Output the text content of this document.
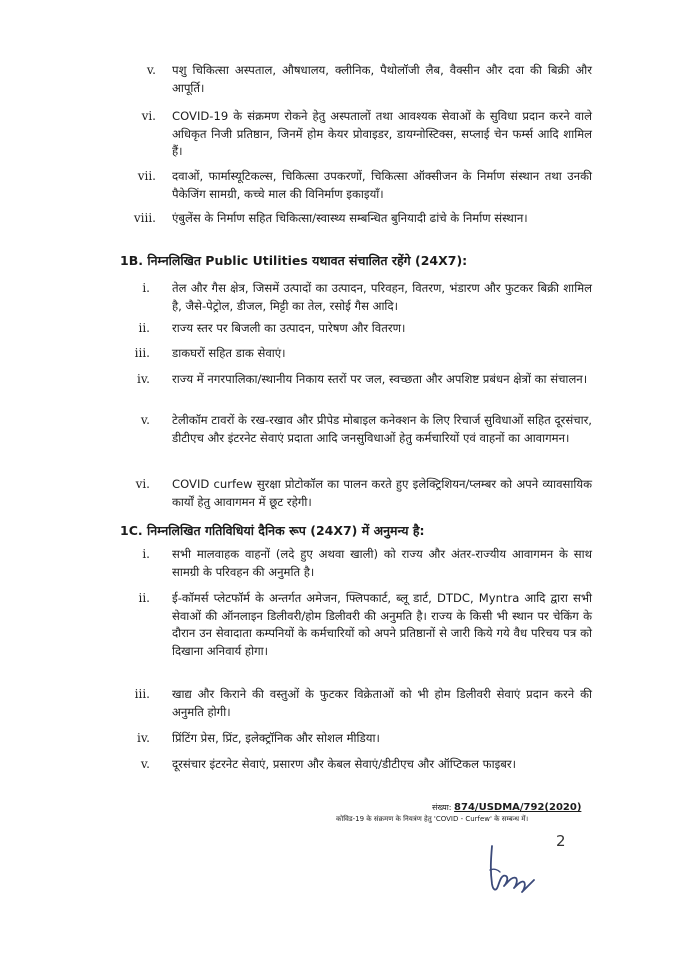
v. पशु चिकित्सा अस्पताल, औषधालय, क्लीनिक, पैथोलॉजी लैब, वैक्सीन और दवा की बिक्री और आपूर्ति।
vi. COVID-19 के संक्रमण रोकने हेतु अस्पतालों तथा आवश्यक सेवाओं के सुविधा प्रदान करने वाले अधिकृत निजी प्रतिष्ठान, जिनमें होम केयर प्रोवाइडर, डायग्नोस्टिक्स, सप्लाई चेन फर्म्स आदि शामिल हैं।
vii. दवाओं, फार्मास्यूटिकल्स, चिकित्सा उपकरणों, चिकित्सा ऑक्सीजन के निर्माण संस्थान तथा उनकी पैकेजिंग सामग्री, कच्चे माल की विनिर्माण इकाइयाँ।
viii. एंबुलेंस के निर्माण सहित चिकित्सा/स्वास्थ्य सम्बन्धित बुनियादी ढांचे के निर्माण संस्थान।
1B. निम्नलिखित Public Utilities यथावत संचालित रहेंगे (24X7):
i. तेल और गैस क्षेत्र, जिसमें उत्पादों का उत्पादन, परिवहन, वितरण, भंडारण और फुटकर बिक्री शामिल है, जैसे-पेट्रोल, डीजल, मिट्टी का तेल, रसोई गैस आदि।
ii. राज्य स्तर पर बिजली का उत्पादन, पारेषण और वितरण।
iii. डाकघरों सहित डाक सेवाएं।
iv. राज्य में नगरपालिका/स्थानीय निकाय स्तरों पर जल, स्वच्छता और अपशिष्ट प्रबंधन क्षेत्रों का संचालन।
v. टेलीकॉम टावरों के रख-रखाव और प्रीपेड मोबाइल कनेक्शन के लिए रिचार्ज सुविधाओं सहित दूरसंचार, डीटीएच और इंटरनेट सेवाएं प्रदाता आदि जनसुविधाओं हेतु कर्मचारियों एवं वाहनों का आवागमन।
vi. COVID curfew सुरक्षा प्रोटोकॉल का पालन करते हुए इलेक्ट्रिशियन/प्लम्बर को अपने व्यावसायिक कार्यों हेतु आवागमन में छूट रहेगी।
1C. निम्नलिखित गतिविधियां दैनिक रूप (24X7) में अनुमन्य है:
i. सभी मालवाहक वाहनों (लदे हुए अथवा खाली) को राज्य और अंतर-राज्यीय आवागमन के साथ सामग्री के परिवहन की अनुमति है।
ii. ई-कॉमर्स प्लेटफॉर्म के अन्तर्गत अमेजन, फ्लिपकार्ट, ब्लू डार्ट, DTDC, Myntra आदि द्वारा सभी सेवाओं की ऑनलाइन डिलीवरी/होम डिलीवरी की अनुमति है। राज्य के किसी भी स्थान पर चेकिंग के दौरान उन सेवादाता कम्पनियों के कर्मचारियों को अपने प्रतिष्ठानों से जारी किये गये वैध परिचय पत्र को दिखाना अनिवार्य होगा।
iii. खाद्य और किराने की वस्तुओं के फुटकर विक्रेताओं को भी होम डिलीवरी सेवाएं प्रदान करने की अनुमति होगी।
iv. प्रिंटिंग प्रेस, प्रिंट, इलेक्ट्रॉनिक और सोशल मीडिया।
v. दूरसंचार इंटरनेट सेवाएं, प्रसारण और केबल सेवाएं/डीटीएच और ऑप्टिकल फाइबर।
संख्या: 874/USDMA/792(2020)
कोविड-19 के संक्रमण के नियत्रंण हेतु 'COVID - Curfew' के सम्बन्ध में।
2
